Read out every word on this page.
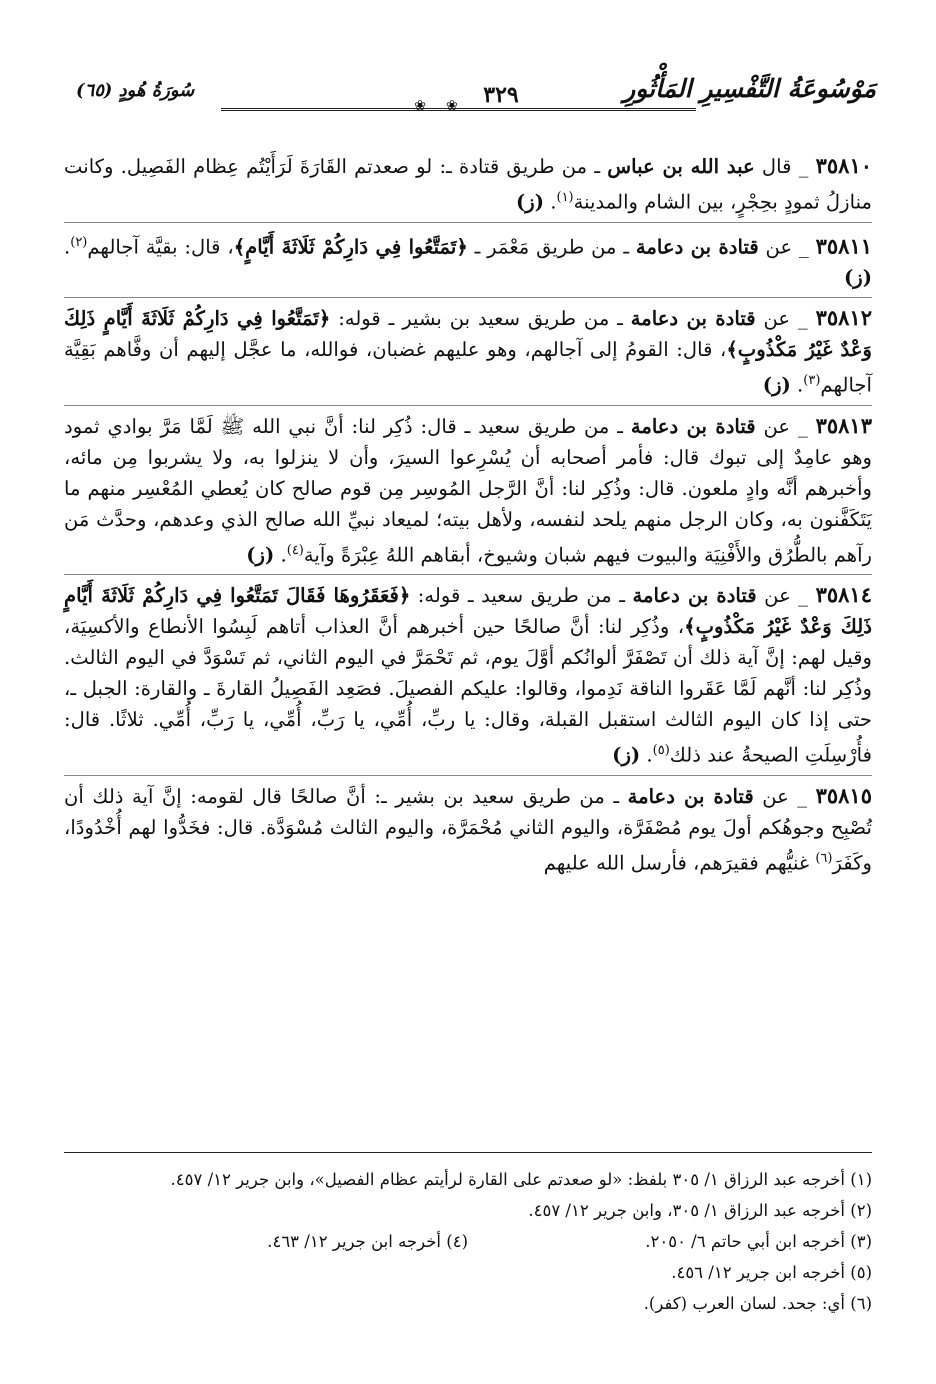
مَوْسُوعَةُ التَّفْسِيرِ المَأْثُورِ
❀	٣٢٩
❀
سُورَةُ هُودٍ (٦٥)

٣٥٨١٠ _ قال عبد الله بن عباس ـ من طريق قتادة ـ: لو صعدتم القَارَةَ لَرَأَيْتُم عِظام الفَصِيل. وكانت منازلُ ثمودٍ بحِجْرٍ، بين الشام والمدينة$^{(١)}$. (ز)

٣٥٨١١ _ عن قتادة بن دعامة ـ من طريق مَعْمَر ـ ﴿تَمَتَّعُوا فِي دَارِكُمْ ثَلَاثَةَ أَيَّامٍ﴾، قال: بقيَّة آجالهم$^{(٢)}$. (ز)

٣٥٨١٢ _ عن قتادة بن دعامة ـ من طريق سعيد بن بشير ـ قوله: ﴿تَمَتَّعُوا فِي دَارِكُمْ ثَلَاثَةَ أَيَّامٍ ذَلِكَ وَعْدٌ غَيْرُ مَكْذُوبٍ﴾، قال: القومُ إلى آجالهم، وهو عليهم غضبان، فوالله، ما عجَّل إليهم أن وفَّاهم بَقِيَّة آجالهم$^{(٣)}$. (ز)

٣٥٨١٣ _ عن قتادة بن دعامة ـ من طريق سعيد ـ قال: ذُكِر لنا: أنَّ نبي الله ﷺ لَمَّا مَرَّ بوادي ثمود وهو عامِدٌ إلى تبوك قال: فأمر أصحابه أن يُسْرِعوا السيرَ، وأن لا ينزلوا به، ولا يشربوا مِن مائه، وأخبرهم أنَّه وادٍ ملعون. قال: وذُكِر لنا: أنَّ الرَّجل المُوسِر مِن قوم صالح كان يُعطي المُعْسِر منهم ما يَتَكَفَّنون به، وكان الرجل منهم يلحد لنفسه، ولأهل بيته؛ لميعاد نبيِّ الله صالح الذي وعدهم، وحدَّث مَن رآهم بالطُّرُق والأَفْنِيَة والبيوت فيهم شبان وشيوخ، أبقاهم اللهُ عِبْرَةً وآية$^{(٤)}$. (ز)

٣٥٨١٤ _ عن قتادة بن دعامة ـ من طريق سعيد ـ قوله: ﴿فَعَقَرُوهَا فَقَالَ تَمَتَّعُوا فِي دَارِكُمْ ثَلَاثَةَ أَيَّامٍ ذَلِكَ وَعْدٌ غَيْرُ مَكْذُوبٍ﴾، وذُكِر لنا: أنَّ صالحًا حين أخبرهم أنَّ العذاب أتاهم لَبِسُوا الأنطاع والأكسِيَة، وقيل لهم: إنَّ آية ذلك أن تَصْفَرَّ ألوانُكم أوَّلَ يوم، ثم تَحْمَرَّ في اليوم الثاني، ثم تَسْوَدَّ في اليوم الثالث. وذُكِر لنا: أنَّهم لَمَّا عَقَروا الناقة نَدِموا، وقالوا: عليكم الفصيلَ. فصَعِد الفَصِيلُ القارةَ ـ والقارة: الجبل ـ، حتى إذا كان اليوم الثالث استقبل القبلة، وقال: يا ربِّ، أُمِّي، يا رَبِّ، أُمِّي، يا رَبِّ، أُمِّي. ثلاثًا. قال: فأُرْسِلَتِ الصيحةُ عند ذلك$^{(٥)}$. (ز)

٣٥٨١٥ _ عن قتادة بن دعامة ـ من طريق سعيد بن بشير ـ: أنَّ صالحًا قال لقومه: إنَّ آية ذلك أن تُصْبِح وجوهُكم أولَ يوم مُصْفَرَّة، واليوم الثاني مُحْمَرَّة، واليوم الثالث مُسْوَدَّة. قال: فخَدُّوا لهم أُخْدُودًا، وكَفَرَ$^{(٦)}$ غنيُّهم فقيرَهم، فأرسل الله عليهم

(١) أخرجه عبد الرزاق ١/ ٣٠٥ بلفظ: «لو صعدتم على القارة لرأيتم عظام الفصيل»، وابن جرير ١٢/ ٤٥٧.
(٢) أخرجه عبد الرزاق ١/ ٣٠٥، وابن جرير ١٢/ ٤٥٧.
(٣) أخرجه ابن أبي حاتم ٦/ ٢٠٥٠.
(٤) أخرجه ابن جرير ١٢/ ٤٦٣.
(٥) أخرجه ابن جرير ١٢/ ٤٥٦.
(٦) أي: جحد. لسان العرب (كفر).
